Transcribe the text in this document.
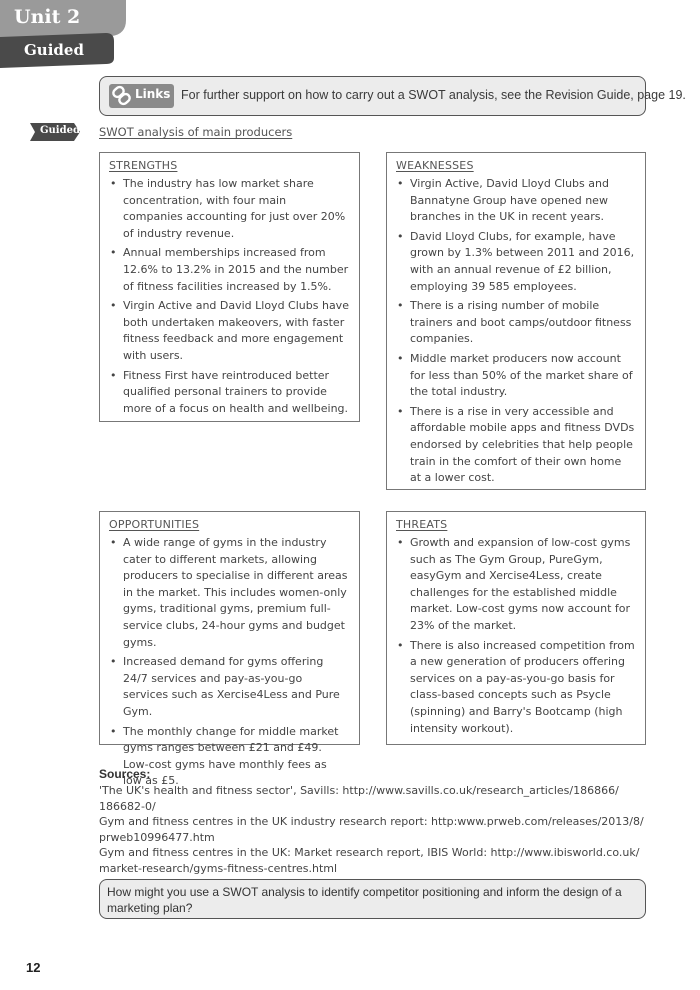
Unit 2
Guided
Links For further support on how to carry out a SWOT analysis, see the Revision Guide, page 19.
Guided SWOT analysis of main producers
STRENGTHS
• The industry has low market share concentration, with four main companies accounting for just over 20% of industry revenue.
• Annual memberships increased from 12.6% to 13.2% in 2015 and the number of fitness facilities increased by 1.5%.
• Virgin Active and David Lloyd Clubs have both undertaken makeovers, with faster fitness feedback and more engagement with users.
• Fitness First have reintroduced better qualified personal trainers to provide more of a focus on health and wellbeing.
WEAKNESSES
• Virgin Active, David Lloyd Clubs and Bannatyne Group have opened new branches in the UK in recent years.
• David Lloyd Clubs, for example, have grown by 1.3% between 2011 and 2016, with an annual revenue of £2 billion, employing 39 585 employees.
• There is a rising number of mobile trainers and boot camps/outdoor fitness companies.
• Middle market producers now account for less than 50% of the market share of the total industry.
• There is a rise in very accessible and affordable mobile apps and fitness DVDs endorsed by celebrities that help people train in the comfort of their own home at a lower cost.
OPPORTUNITIES
• A wide range of gyms in the industry cater to different markets, allowing producers to specialise in different areas in the market. This includes women-only gyms, traditional gyms, premium full-service clubs, 24-hour gyms and budget gyms.
• Increased demand for gyms offering 24/7 services and pay-as-you-go services such as Xercise4Less and Pure Gym.
• The monthly change for middle market gyms ranges between £21 and £49. Low-cost gyms have monthly fees as low as £5.
THREATS
• Growth and expansion of low-cost gyms such as The Gym Group, PureGym, easyGym and Xercise4Less, create challenges for the established middle market. Low-cost gyms now account for 23% of the market.
• There is also increased competition from a new generation of producers offering services on a pay-as-you-go basis for class-based concepts such as Psycle (spinning) and Barry's Bootcamp (high intensity workout).
Sources:
'The UK's health and fitness sector', Savills: http://www.savills.co.uk/research_articles/186866/
186682-0/
Gym and fitness centres in the UK industry research report: http:www.prweb.com/releases/2013/8/
prweb10996477.htm
Gym and fitness centres in the UK: Market research report, IBIS World: http://www.ibisworld.co.uk/
market-research/gyms-fitness-centres.html
How might you use a SWOT analysis to identify competitor positioning and inform the design of a marketing plan?
12
